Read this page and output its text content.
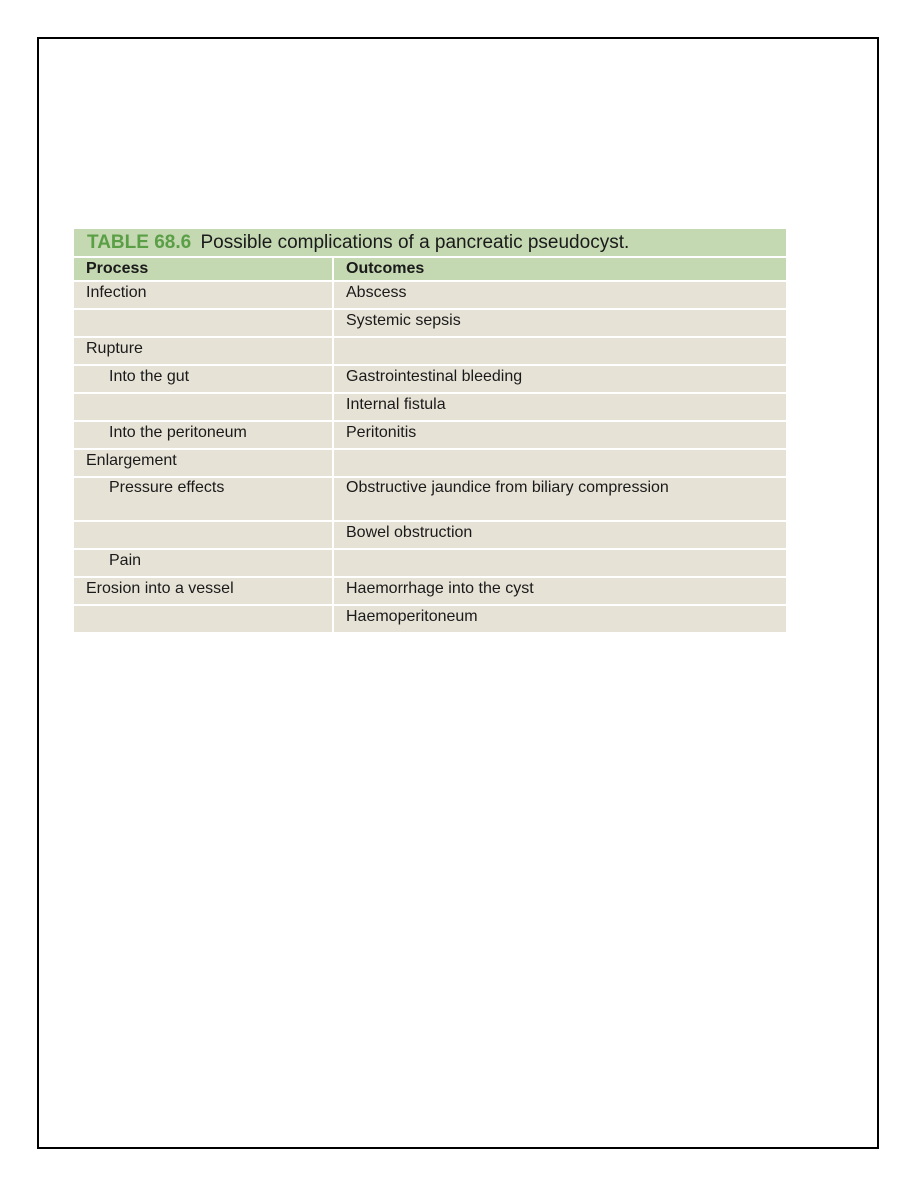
TABLE 68.6 Possible complications of a pancreatic pseudocyst.
Process	Outcomes
Infection	Abscess
	Systemic sepsis
Rupture	
Into the gut	Gastrointestinal bleeding
	Internal fistula
Into the peritoneum	Peritonitis
Enlargement	
Pressure effects	Obstructive jaundice from biliary compression
	Bowel obstruction
Pain	
Erosion into a vessel	Haemorrhage into the cyst
	Haemoperitoneum
